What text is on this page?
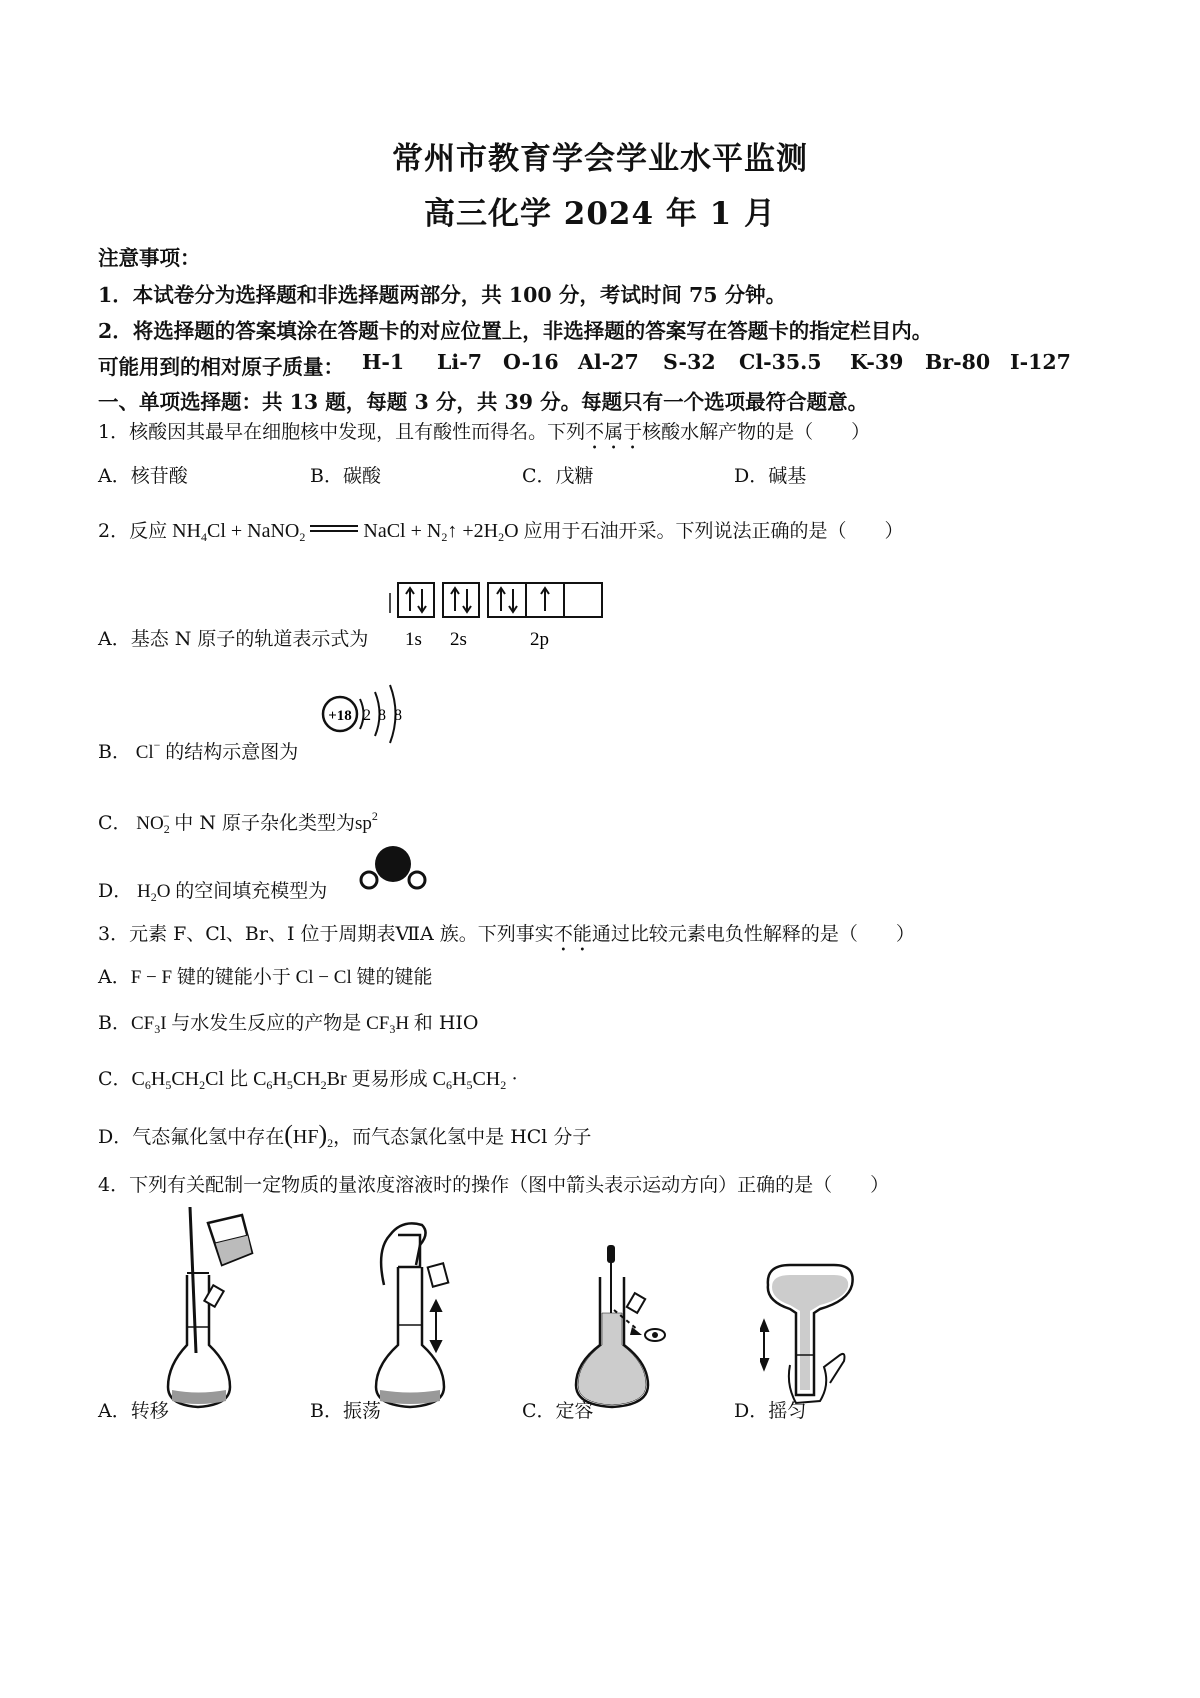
常州市教育学会学业水平监测
高三化学 2024 年 1 月
注意事项：
1．本试卷分为选择题和非选择题两部分，共 100 分，考试时间 75 分钟。
2．将选择题的答案填涂在答题卡的对应位置上，非选择题的答案写在答题卡的指定栏目内。
可能用到的相对原子质量： H-1 Li-7 O-16 Al-27 S-32 Cl-35.5 K-39 Br-80 I-127
一、单项选择题：共 13 题，每题 3 分，共 39 分。每题只有一个选项最符合题意。
1．核酸因其最早在细胞核中发现，且有酸性而得名。下列不属于核酸水解产物的是（　　）
A．核苷酸	B．碳酸	C．戊糖	D．碱基
2．反应 $NH_4Cl$ + NaNO$_2$	NaCl + $N_2↑ +2H_2O$ 应用于石油开采。下列说法正确的是（　　）
A．基态 N 原子的轨道表示式为 1s 2s	2p
B． Cl− 的结构示意图为
+18 2 8 8
C． $NO_2^-$ 中 N 原子杂化类型为$sp^2$
D． $H_2O$ 的空间填充模型为
3．元素 F、Cl、Br、I 位于周期表ⅦA 族。下列事实不能通过比较元素电负性解释的是（　　）
A．F − F 键的键能小于 Cl − Cl 键的键能
B．$CF_3I$ 与水发生反应的产物是 $CF_3H$ 和 HIO
C．$C_6H_5CH_2Cl$ 比 $C_6H_5CH_2Br$ 更易形成 $C_6H_5CH_2$ ·
D．气态氟化氢中存在$(HF)_2$，而气态氯化氢中是 HCl 分子
4．下列有关配制一定物质的量浓度溶液时的操作（图中箭头表示运动方向）正确的是（　　）
A．转移	B．振荡	C．定容	D．摇匀
